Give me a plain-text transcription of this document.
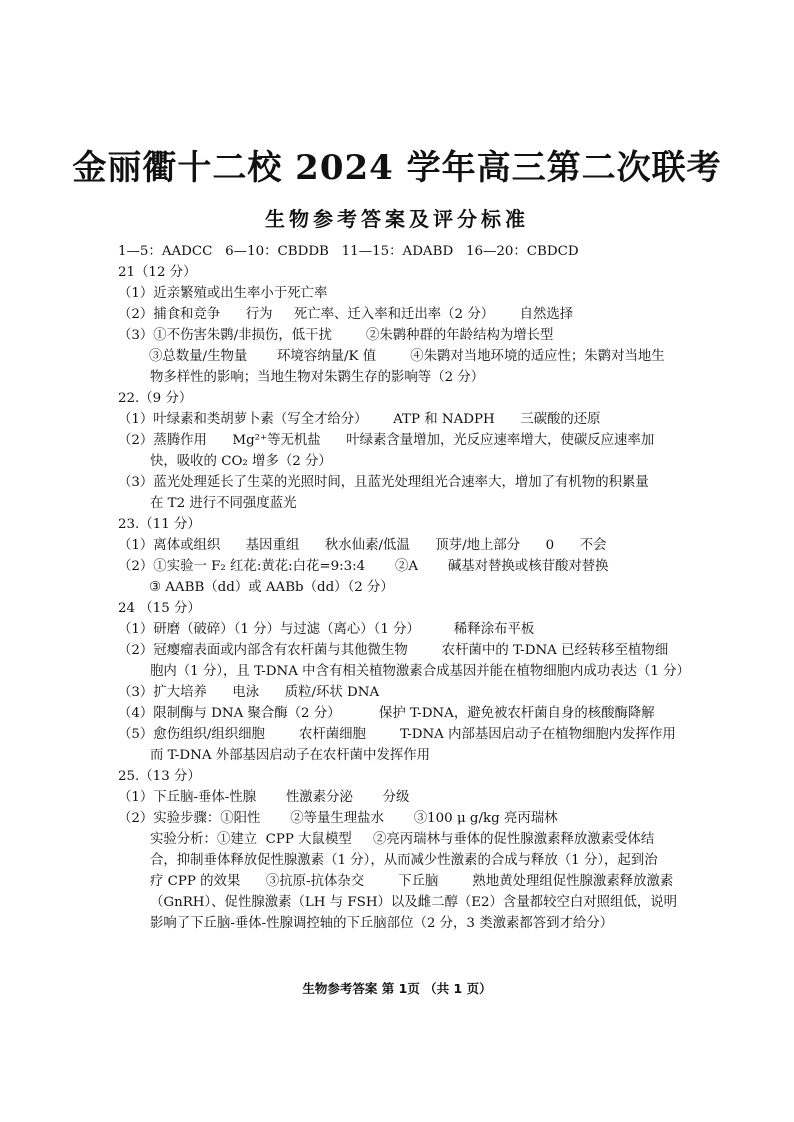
金丽衢十二校 2024 学年高三第二次联考
生物参考答案及评分标准
1—5：AADCC   6—10：CBDDB   11—15：ADABD   16—20：CBDCD
21（12 分）
（1）近亲繁殖或出生率小于死亡率
（2）捕食和竞争      行为     死亡率、迁入率和迁出率（2 分）      自然选择
（3）①不伤害朱鹮/非损伤，低干扰        ②朱鹮种群的年龄结构为增长型
③总数量/生物量       环境容纳量/K 值        ④朱鹮对当地环境的适应性；朱鹮对当地生
物多样性的影响；当地生物对朱鹮生存的影响等（2 分）
22.（9 分）
（1）叶绿素和类胡萝卜素（写全才给分）      ATP 和 NADPH      三碳酸的还原
（2）蒸腾作用      Mg²⁺等无机盐      叶绿素含量增加，光反应速率增大，使碳反应速率加
快，吸收的 CO₂ 增多（2 分）
（3）蓝光处理延长了生菜的光照时间，且蓝光处理组光合速率大，增加了有机物的积累量
在 T2 进行不同强度蓝光
23.（11 分）
（1）离体或组织      基因重组      秋水仙素/低温      顶芽/地上部分      0      不会
（2）①实验一 F₂ 红花:黄花:白花=9:3:4       ②A       碱基对替换或核苷酸对替换
③ AABB（dd）或 AABb（dd）（2 分）
24 （15 分）
（1）研磨（破碎）（1 分）与过滤（离心）（1 分）        稀释涂布平板
（2）冠瘿瘤表面或内部含有农杆菌与其他微生物        农杆菌中的 T-DNA 已经转移至植物细
胞内（1 分），且 T-DNA 中含有相关植物激素合成基因并能在植物细胞内成功表达（1 分）
（3）扩大培养      电泳      质粒/环状 DNA
（4）限制酶与 DNA 聚合酶（2 分）         保护 T-DNA，避免被农杆菌自身的核酸酶降解
（5）愈伤组织/组织细胞        农杆菌细胞        T-DNA 内部基因启动子在植物细胞内发挥作用
而 T-DNA 外部基因启动子在农杆菌中发挥作用
25.（13 分）
（1）下丘脑-垂体-性腺       性激素分泌       分级
（2）实验步骤：①阳性       ②等量生理盐水       ③100 μ g/kg 亮丙瑞林
实验分析：①建立  CPP 大鼠模型     ②亮丙瑞林与垂体的促性腺激素释放激素受体结
合，抑制垂体释放促性腺激素（1 分），从而减少性激素的合成与释放（1 分），起到治
疗 CPP 的效果      ③抗原-抗体杂交        下丘脑        熟地黄处理组促性腺激素释放激素
（GnRH）、促性腺激素（LH 与 FSH）以及雌二醇（E2）含量都较空白对照组低，说明
影响了下丘脑-垂体-性腺调控轴的下丘脑部位（2 分，3 类激素都答到才给分）
生物参考答案 第 1页 （共 1 页）
